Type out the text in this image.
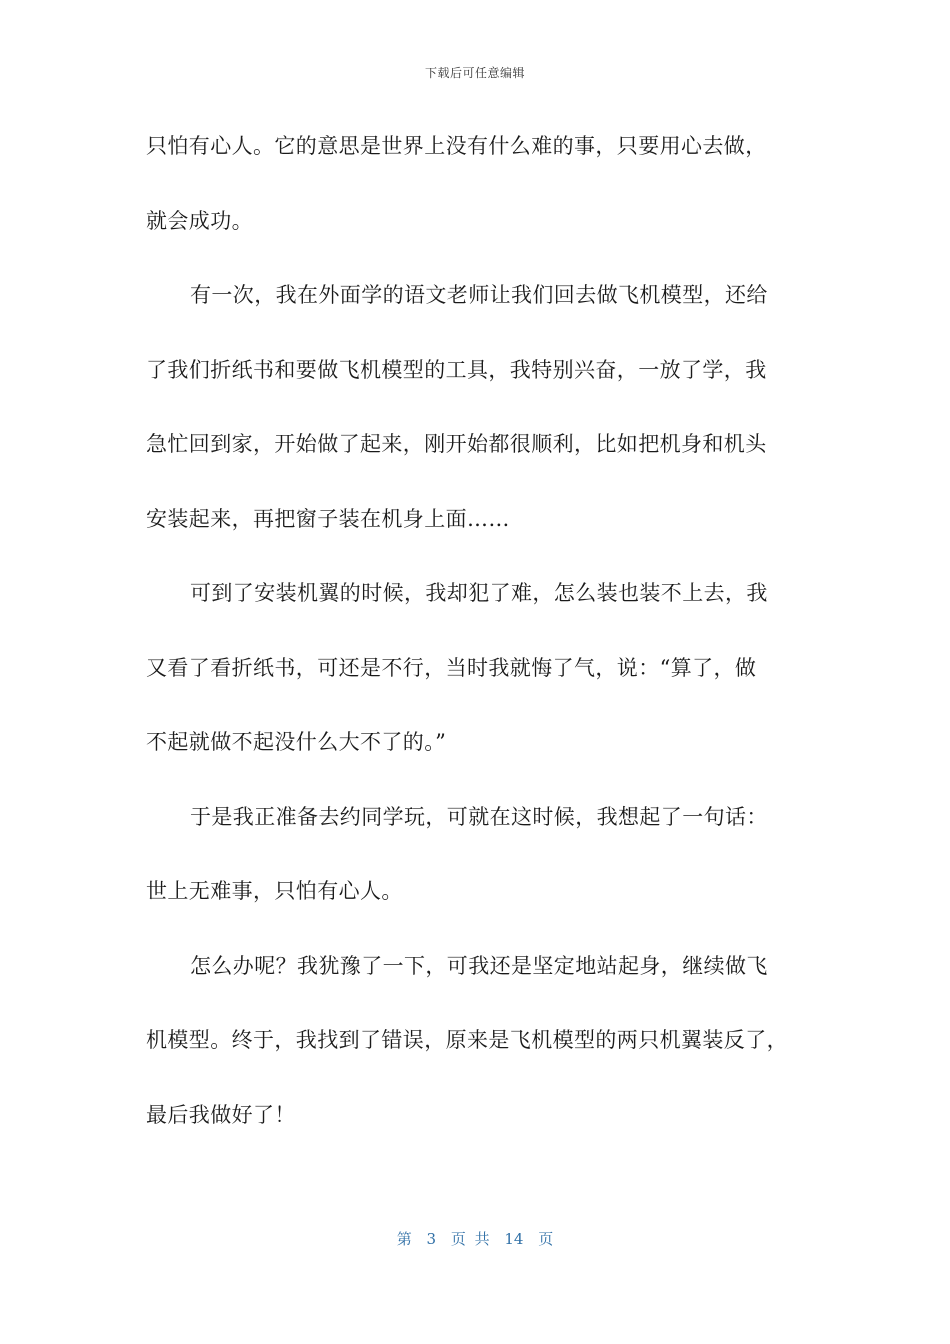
下载后可任意编辑
只怕有心人。它的意思是世界上没有什么难的事，只要用心去做，
就会成功。
有一次，我在外面学的语文老师让我们回去做飞机模型，还给
了我们折纸书和要做飞机模型的工具，我特别兴奋，一放了学，我
急忙回到家，开始做了起来，刚开始都很顺利，比如把机身和机头
安装起来，再把窗子装在机身上面……
可到了安装机翼的时候，我却犯了难，怎么装也装不上去，我
又看了看折纸书，可还是不行，当时我就悔了气，说：“算了，做
不起就做不起没什么大不了的。”
于是我正准备去约同学玩，可就在这时候，我想起了一句话：
世上无难事，只怕有心人。
怎么办呢？我犹豫了一下，可我还是坚定地站起身，继续做飞
机模型。终于，我找到了错误，原来是飞机模型的两只机翼装反了，
最后我做好了！
第 3 页 共 14 页
